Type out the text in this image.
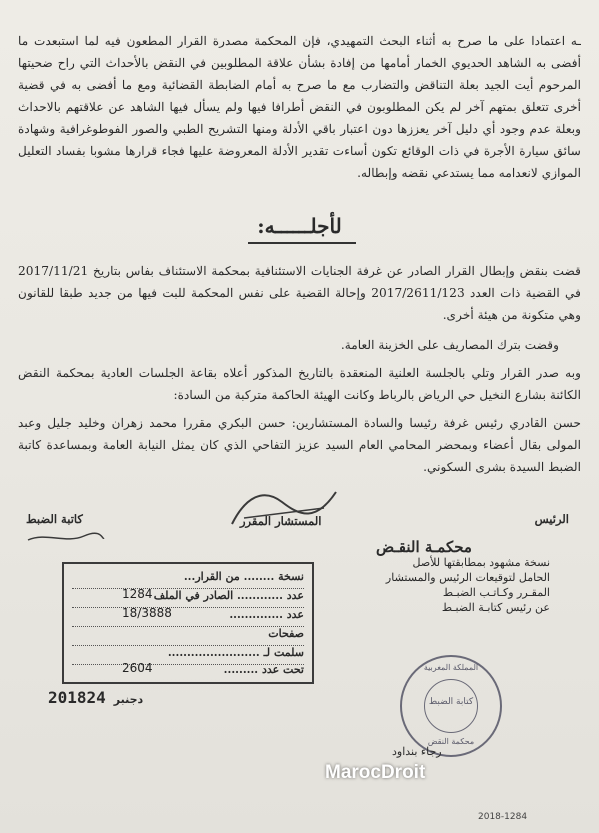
ـه اعتمادا على ما صرح به أثناء البحث التمهيدي، فإن المحكمة مصدرة القرار المطعون فيه لما استبعدت ما أفضى به الشاهد الحديوي الخمار أمامها من إفادة بشأن علاقة المطلوبين في النقض بالأحداث التي راح ضحيتها المرحوم أيت الجيد بعلة التناقض والتضارب مع ما صرح به أمام الضابطة القضائية ومع ما أفضى به في قضية أخرى تتعلق بمتهم آخر لم يكن المطلوبون في النقض أطرافا فيها ولم يسأل فيها الشاهد عن علاقتهم بالاحداث وبعلة عدم وجود أي دليل آخر يعززها دون اعتبار باقي الأدلة ومنها التشريح الطبي والصور الفوطوغرافية وشهادة سائق سيارة الأجرة في ذات الوقائع تكون أساءت تقدير الأدلة المعروضة عليها فجاء قرارها مشوبا بفساد التعليل الموازي لانعدامه مما يستدعي نقضه وإبطاله.

لأجلــــــه:

قضت بنقض وإبطال القرار الصادر عن غرفة الجنايات الاستئنافية بمحكمة الاستئناف بفاس بتاريخ 2017/11/21 في القضية ذات العدد 2017/2611/123 وإحالة القضية على نفس المحكمة للبت فيها من جديد طبقا للقانون وهي متكونة من هيئة أخرى.

وقضت بترك المصاريف على الخزينة العامة.

وبه صدر القرار وتلي بالجلسة العلنية المنعقدة بالتاريخ المذكور أعلاه بقاعة الجلسات العادية بمحكمة النقض الكائنة بشارع النخيل حي الرياض بالرباط وكانت الهيئة الحاكمة متركبة من السادة:

حسن القادري رئيس غرفة رئيسا والسادة المستشارين: حسن البكري مقررا محمد زهران وخليد جليل وعبد المولى بقال أعضاء وبمحضر المحامي العام السيد عزيز التفاحي الذي كان يمثل النيابة العامة وبمساعدة كاتبة الضبط السيدة بشرى السكوني.

الرئيس
المستشار المقرر
كاتبة الضبط
محكمـة النقـض
نسخة مشهود بمطابقتها للأصل
الحامل لتوقيعات الرئيس والمستشار
المقـرر وكـاتـب الضبـط
عن رئيس كتابـة الضبـط
نسخة ........ من القرار...
عدد ............ الصادر في الملف
1284
عدد ..............
18/3888
صفحات
سلمت لـ ........................
تحت عدد .........
2604
2018 دجنبر24
المملكة المغربية
كتابة الضبط
محكمة النقض
رجاء بنداود
MarocDroit
2018-1284
